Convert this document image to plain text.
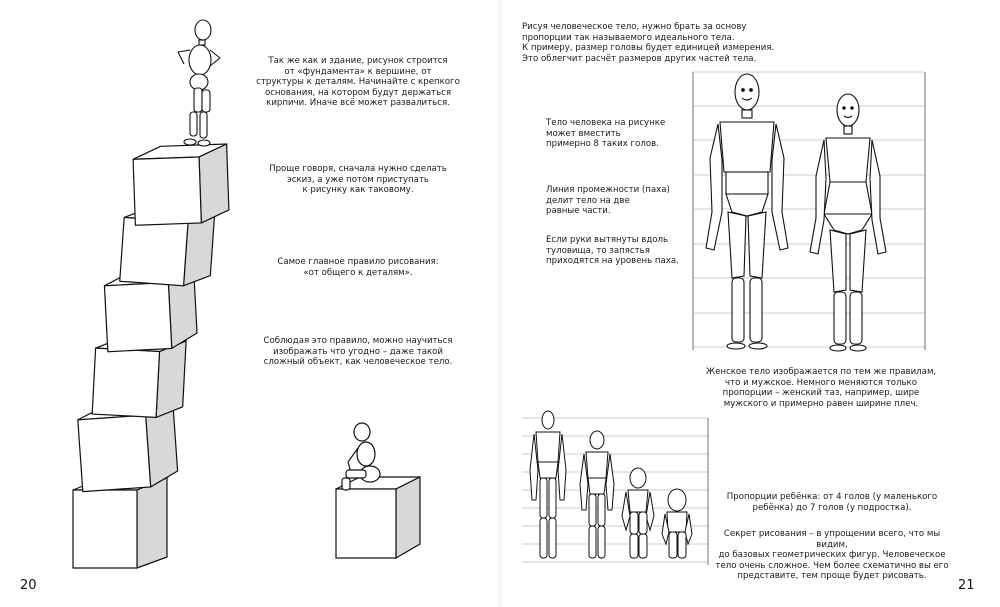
Так же как и здание, рисунок строится
от «фундамента» к вершине, от
структуры к деталям. Начинайте с крепкого
основания, на котором будут держаться
кирпичи. Иначе всё может развалиться.
Проще говоря, сначала нужно сделать
эскиз, а уже потом приступать
к рисунку как таковому.
Самое главное правило рисования:
«от общего к деталям».
Соблюдая это правило, можно научиться
изображать что угодно – даже такой
сложный объект, как человеческое тело.
20
Рисуя человеческое тело, нужно брать за основу
пропорции так называемого идеального тела.
К примеру, размер головы будет единицей измерения.
Это облегчит расчёт размеров других частей тела.
Тело человека на рисунке
может вместить
примерно 8 таких голов.
Линия промежности (паха)
делит тело на две
равные части.
Если руки вытянуты вдоль
туловища, то запястья
приходятся на уровень паха.
Женское тело изображается по тем же правилам,
что и мужское. Немного меняются только
пропорции – женский таз, например, шире
мужского и примерно равен ширине плеч.
Пропорции ребёнка: от 4 голов (у маленького
ребёнка) до 7 голов (у подростка).
Секрет рисования – в упрощении всего, что мы видим,
до базовых геометрических фигур. Человеческое
тело очень сложное. Чем более схематично вы его
представите, тем проще будет рисовать.
21
